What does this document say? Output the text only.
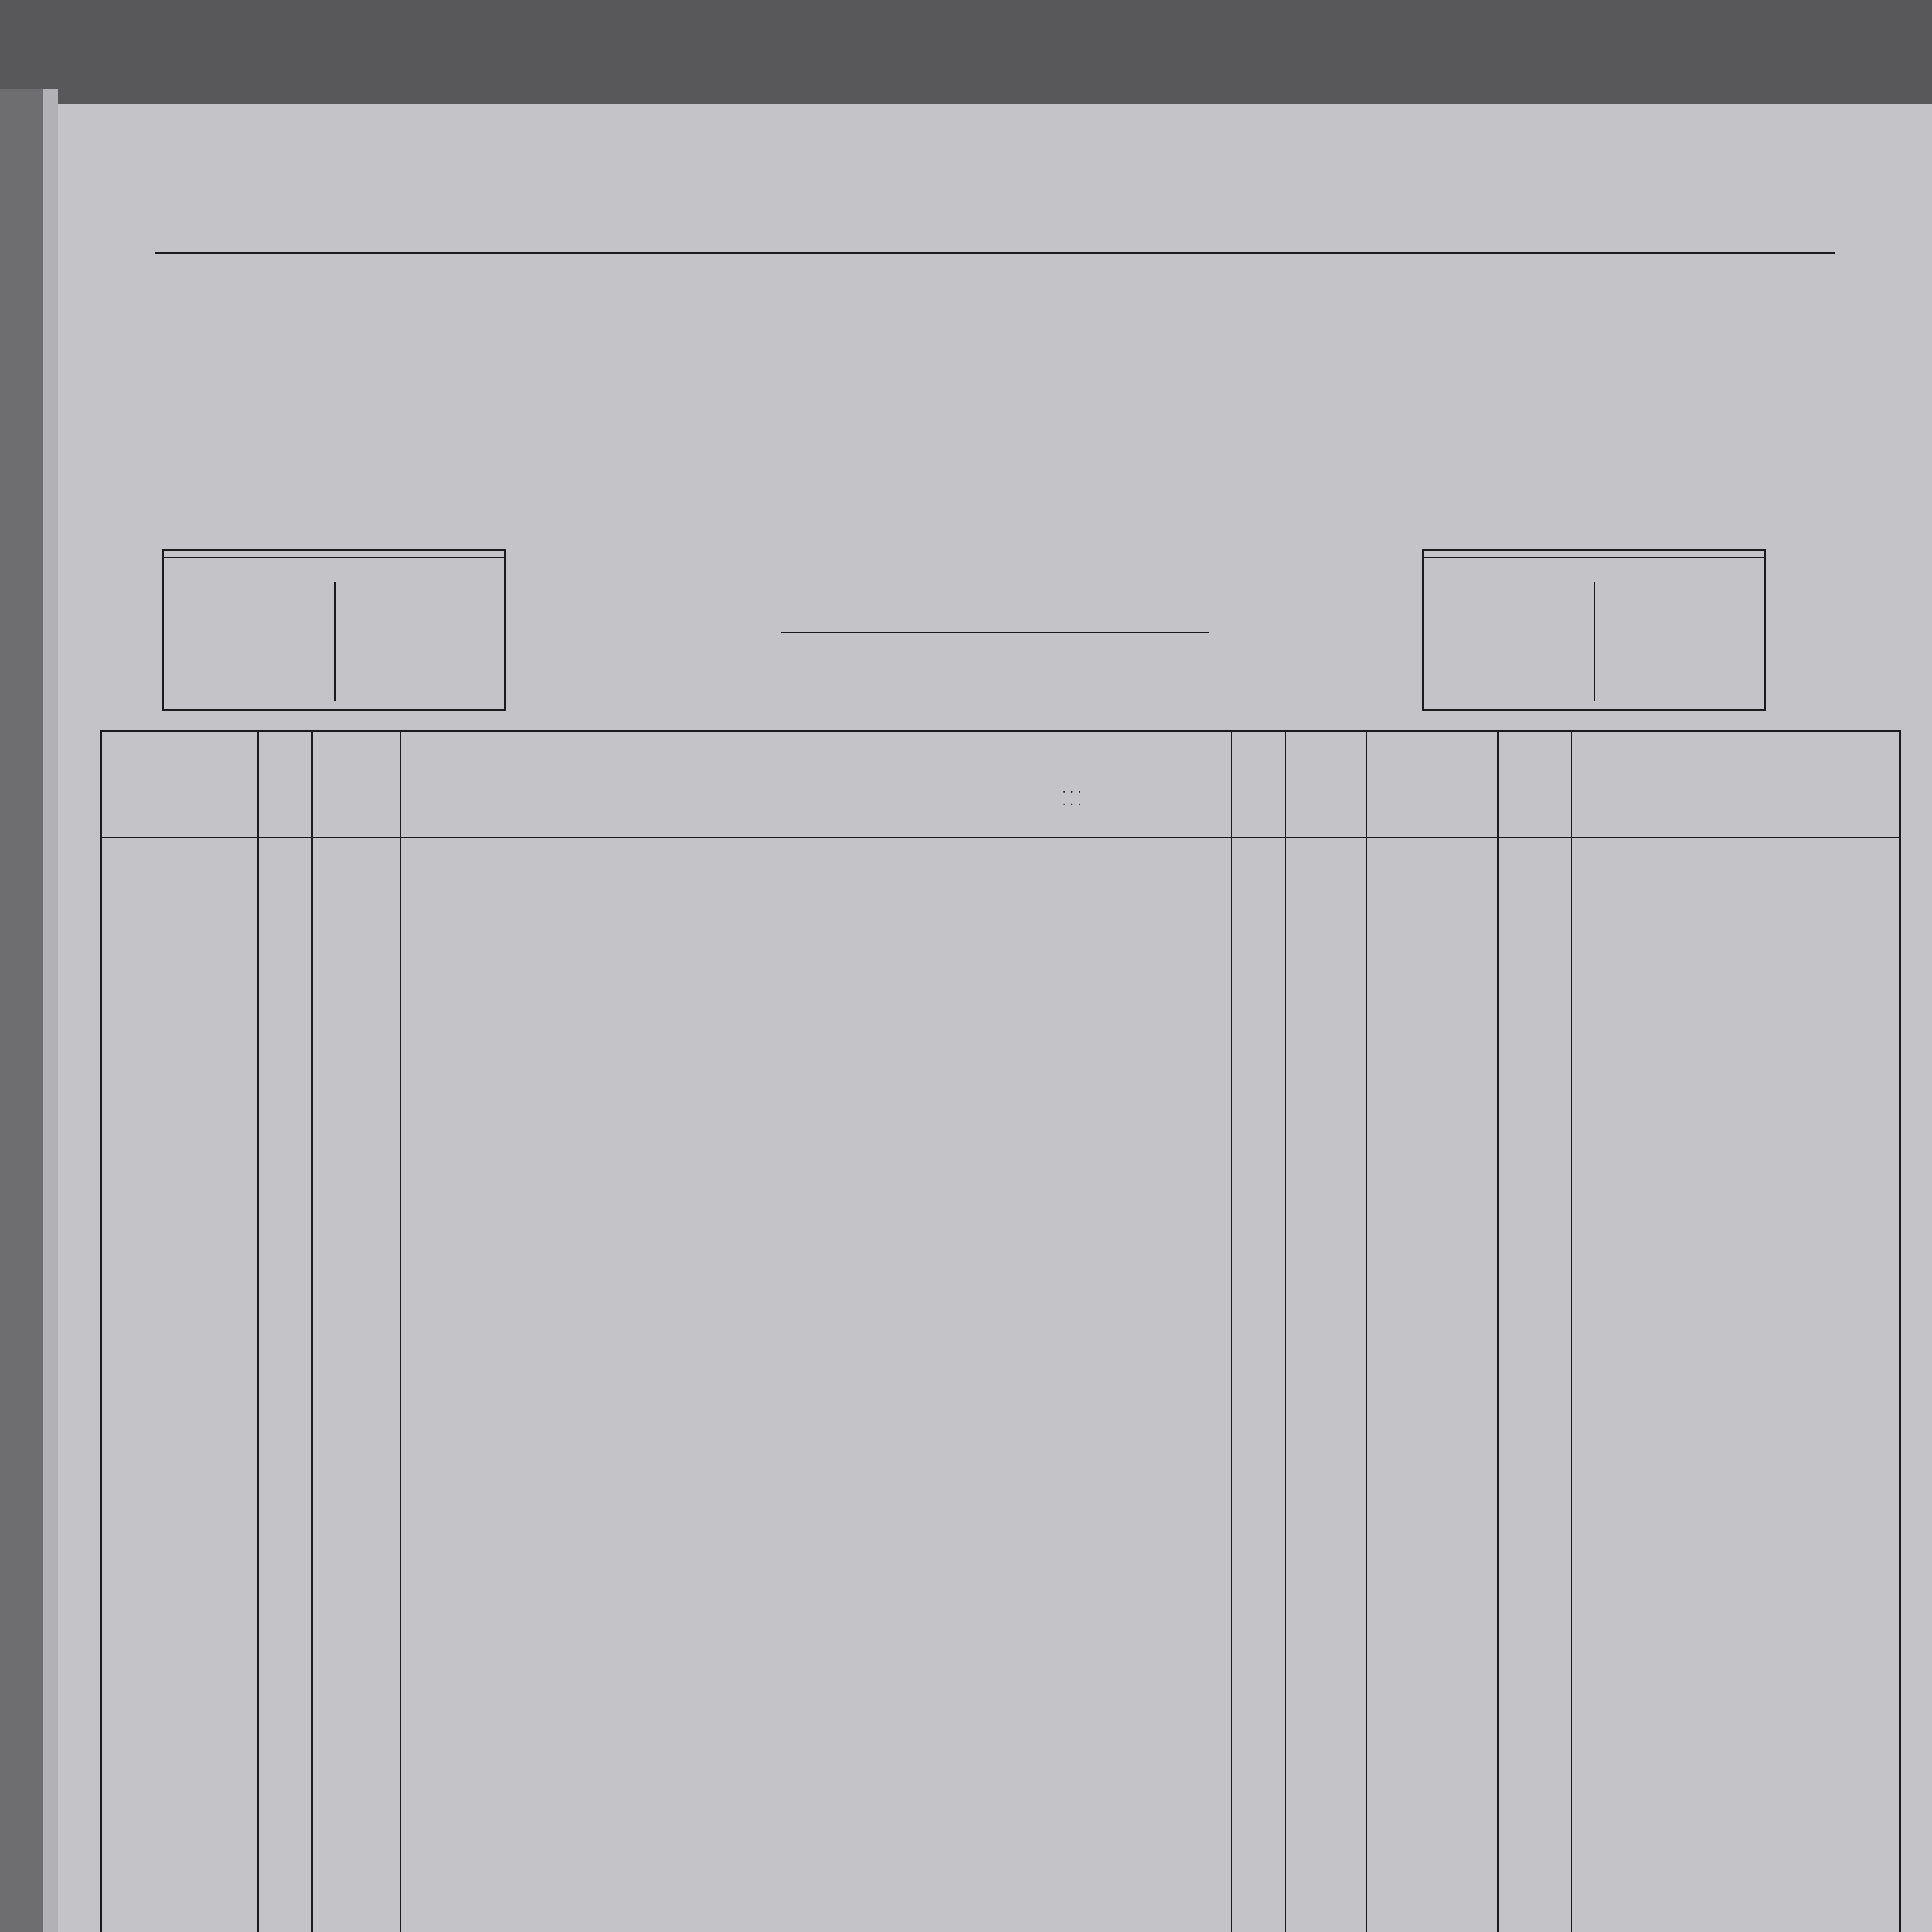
· · ·
· · ·
